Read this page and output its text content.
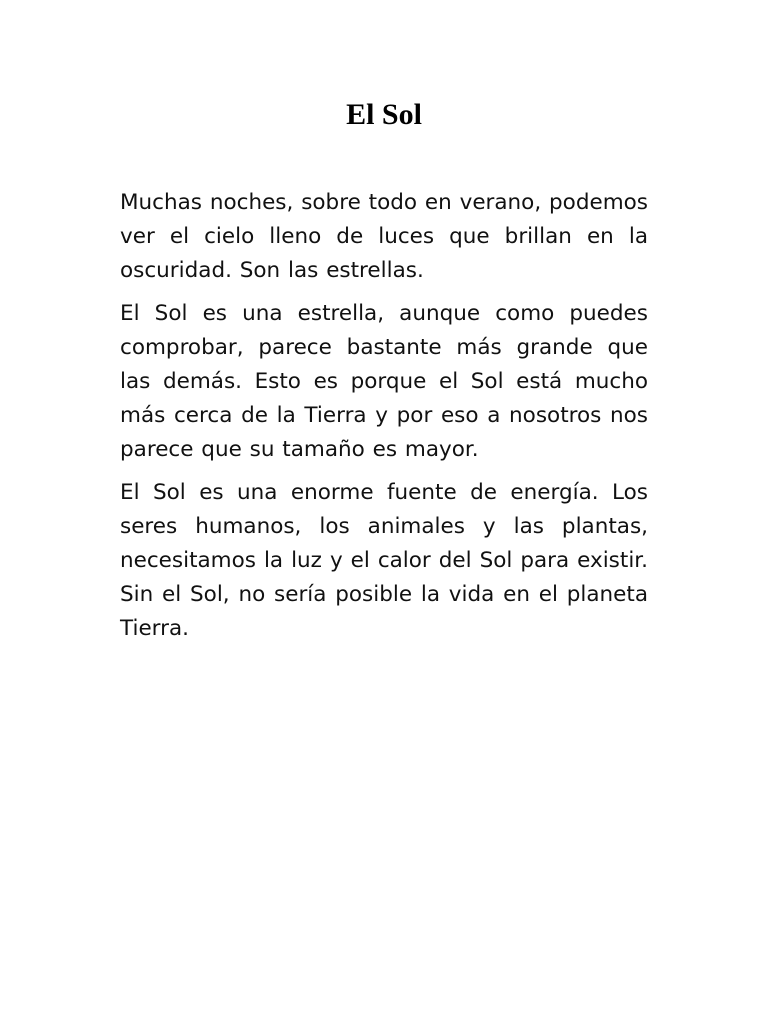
El Sol

Muchas noches, sobre todo en verano, podemos ver el cielo lleno de luces que brillan en la oscuridad. Son las estrellas.

El Sol es una estrella, aunque como puedes comprobar, parece bastante más grande que las demás. Esto es porque el Sol está mucho más cerca de la Tierra y por eso a nosotros nos parece que su tamaño es mayor.

El Sol es una enorme fuente de energía. Los seres humanos, los animales y las plantas, necesitamos la luz y el calor del Sol para existir. Sin el Sol, no sería posible la vida en el planeta Tierra.
